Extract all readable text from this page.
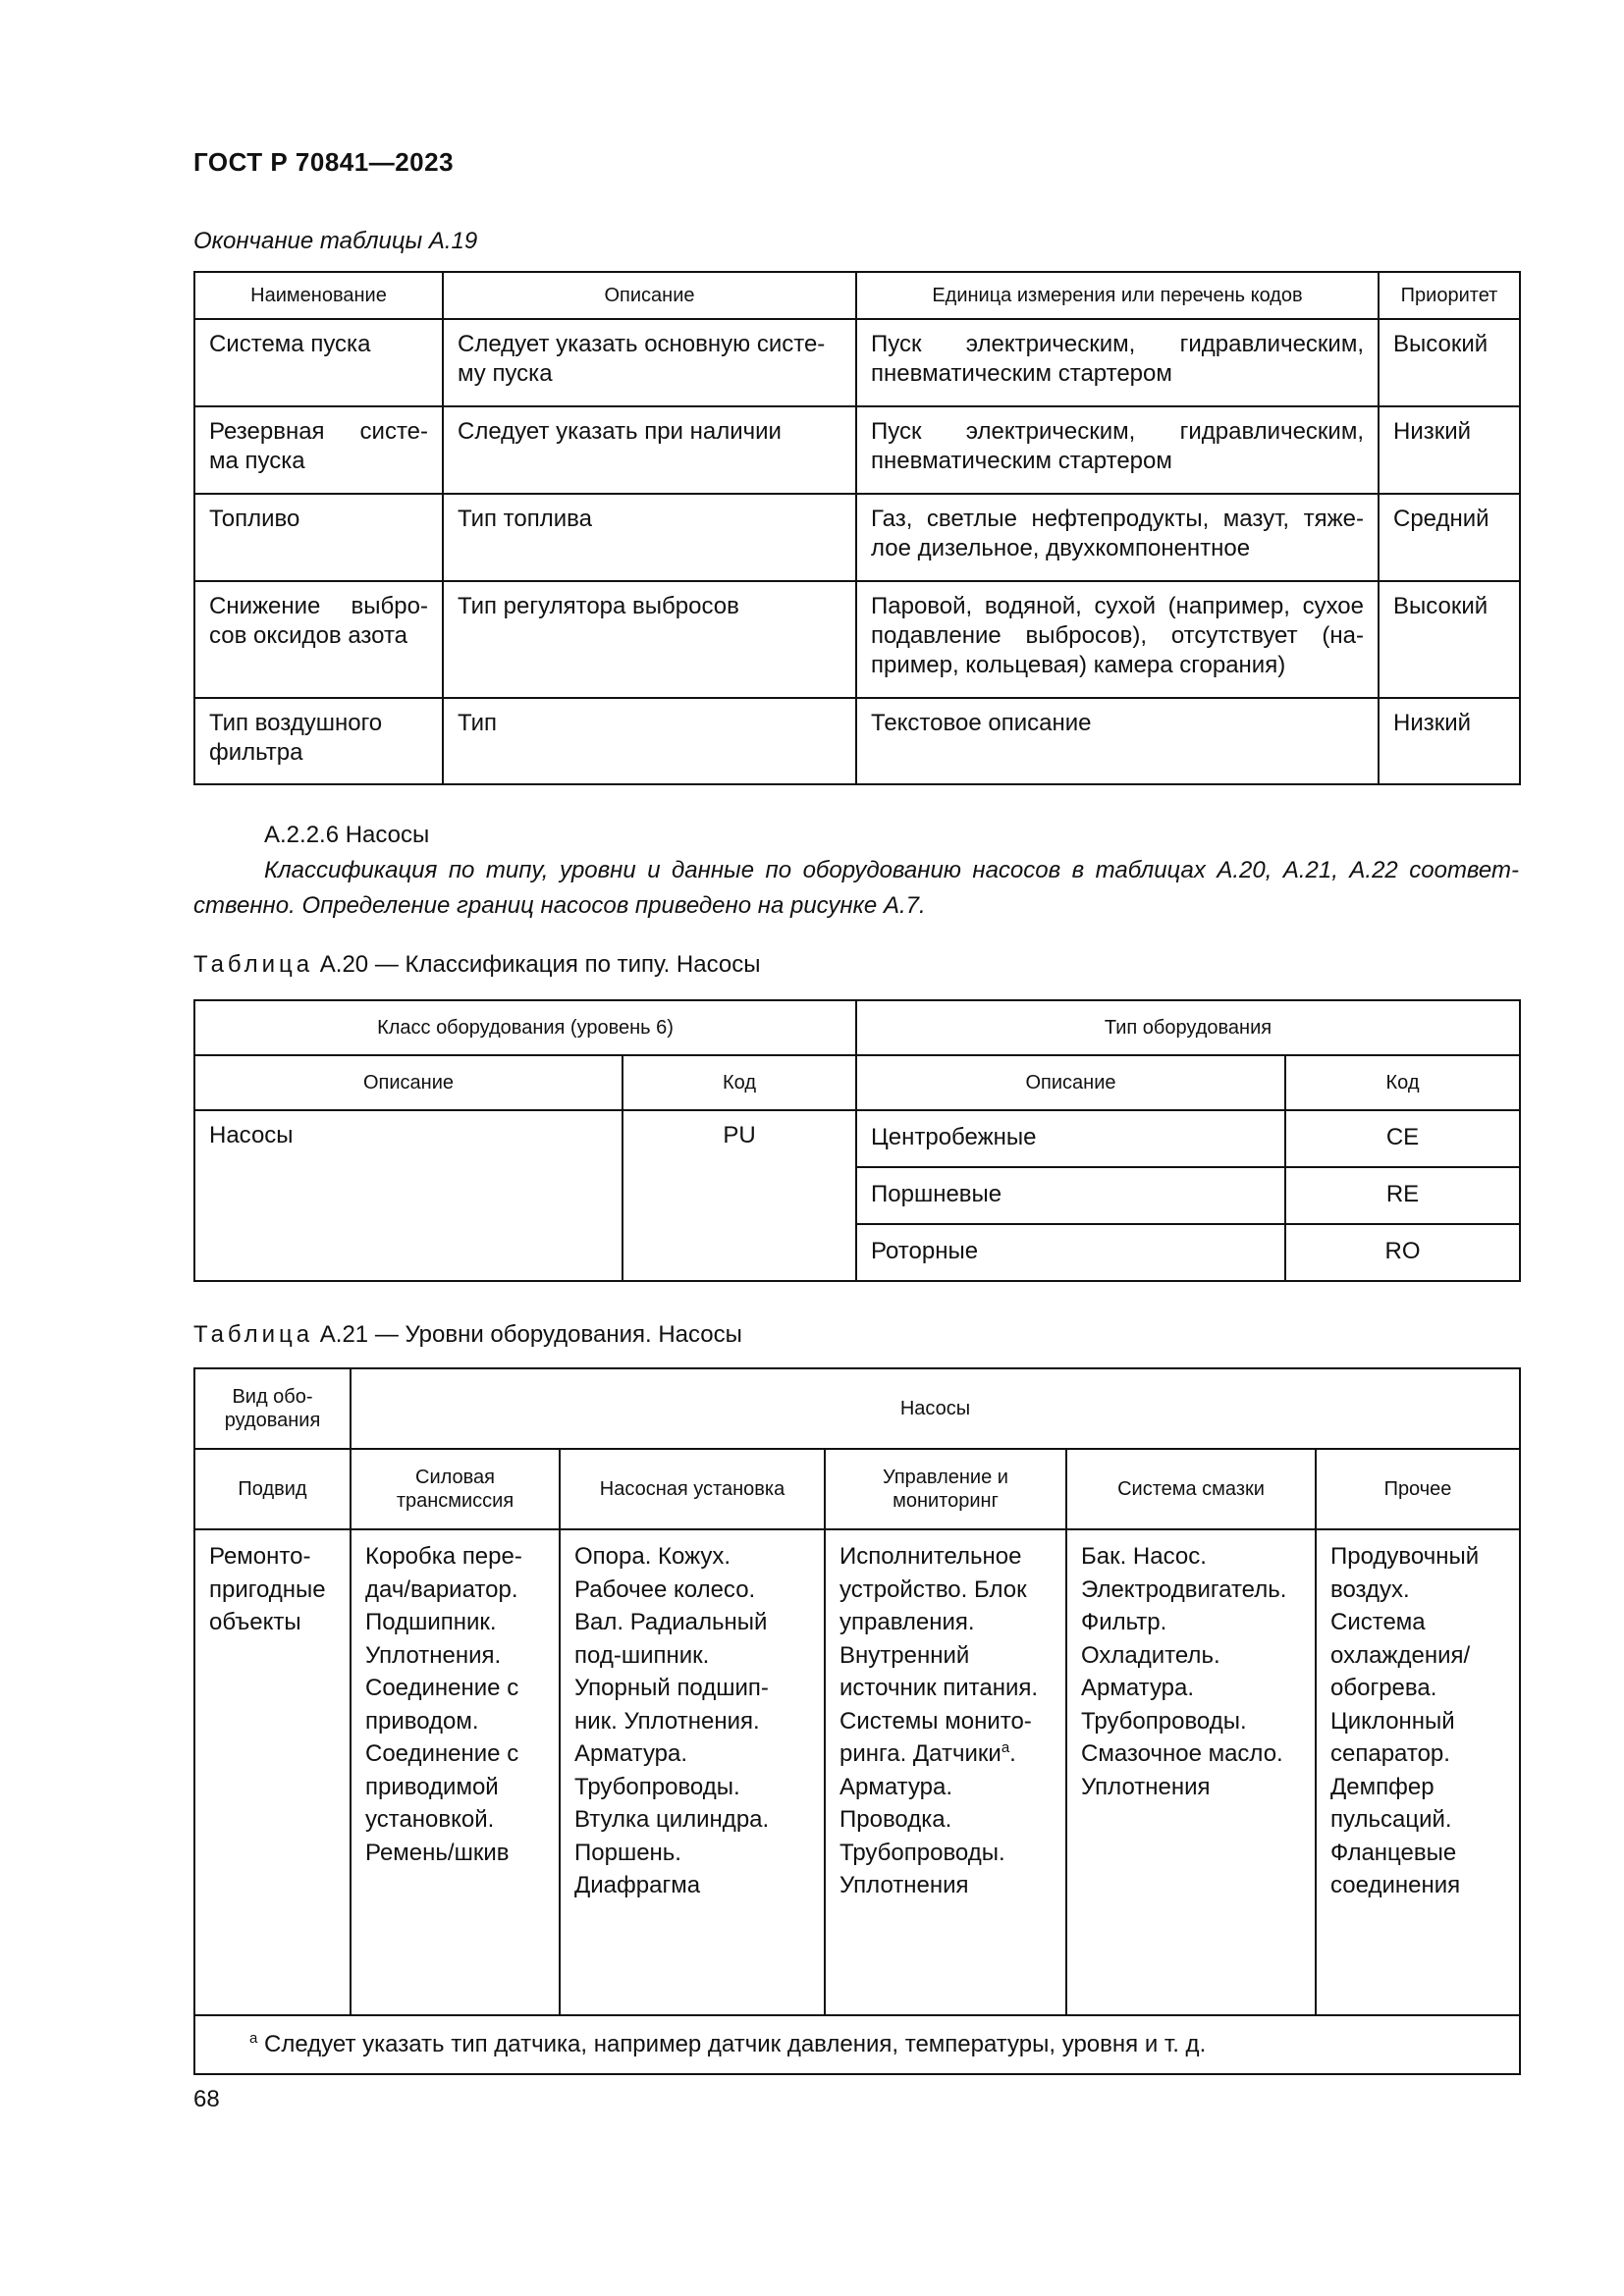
ГОСТ Р 70841—2023
Окончание таблицы А.19
Наименование	Описание	Единица измерения или перечень кодов	Приоритет
Система пуска	Следует указать основную систе-му пуска	Пуск электрическим, гидравлическим, пневматическим стартером	Высокий
Резервная систе-ма пуска	Следует указать при наличии	Пуск электрическим, гидравлическим, пневматическим стартером	Низкий
Топливо	Тип топлива	Газ, светлые нефтепродукты, мазут, тяже-лое дизельное, двухкомпонентное	Средний
Снижение выбро-сов оксидов азота	Тип регулятора выбросов	Паровой, водяной, сухой (например, сухое подавление выбросов), отсутствует (на-пример, кольцевая) камера сгорания)	Высокий
Тип воздушного фильтра	Тип	Текстовое описание	Низкий
А.2.2.6 Насосы
Классификация по типу, уровни и данные по оборудованию насосов в таблицах А.20, А.21, А.22 соответ-ственно. Определение границ насосов приведено на рисунке А.7.
Таблица А.20 — Классификация по типу. Насосы
Класс оборудования (уровень 6)		Тип оборудования	
Описание	Код	Описание	Код
Насосы	PU	Центробежные	CE
		Поршневые	RE
		Роторные	RO
Таблица А.21 — Уровни оборудования. Насосы
Вид обо-рудования	Насосы				
Подвид	Силовая трансмиссия	Насосная установка	Управление и мониторинг	Система смазки	Прочее
Ремонто-пригодные объекты	Коробка пере-дач/вариатор. Подшипник. Уплотнения. Соединение с приводом. Соединение с приводимой установкой. Ремень/шкив	Опора. Кожух. Рабочее колесо. Вал. Радиальный под-шипник. Упорный подшип-ник. Уплотнения. Арматура. Трубопроводы. Втулка цилиндра. Поршень. Диафрагма	Исполнительное устройство. Блок управления. Внутренний источник питания. Системы монито-ринга. Датчики$^а$. Арматура. Проводка. Трубопроводы. Уплотнения	Бак. Насос. Электродвигатель. Фильтр. Охладитель. Арматура. Трубопроводы. Смазочное масло. Уплотнения	Продувочный воздух. Система охлаждения/ обогрева. Циклонный сепаратор. Демпфер пульсаций. Фланцевые соединения
$^а$ Следует указать тип датчика, например датчик давления, температуры, уровня и т. д.					
68
